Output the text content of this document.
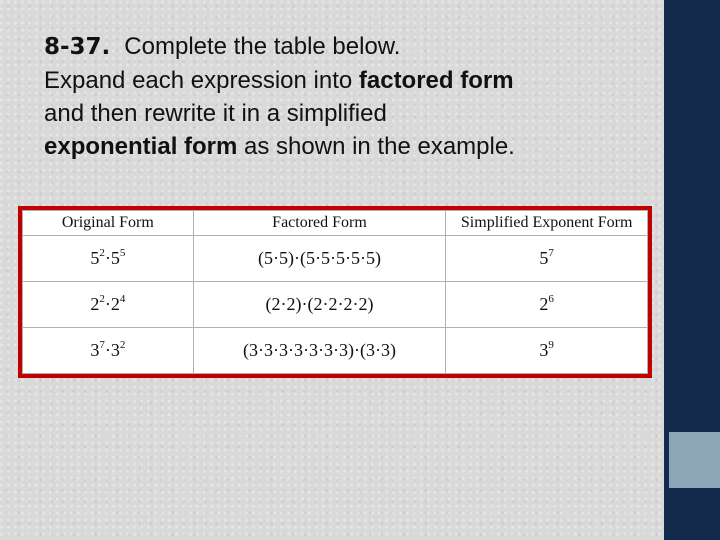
8-37. Complete the table below.
Expand each expression into factored form
and then rewrite it in a simplified
exponential form as shown in the example.
Original Form	Factored Form	Simplified Exponent Form
$5^2\cdot 5^5$	(5·5)·(5·5·5·5·5)	$5^7$
$2^2\cdot 2^4$	(2·2)·(2·2·2·2)	$2^6$
$3^7\cdot 3^2$	(3·3·3·3·3·3·3)·(3·3)	$3^9$
